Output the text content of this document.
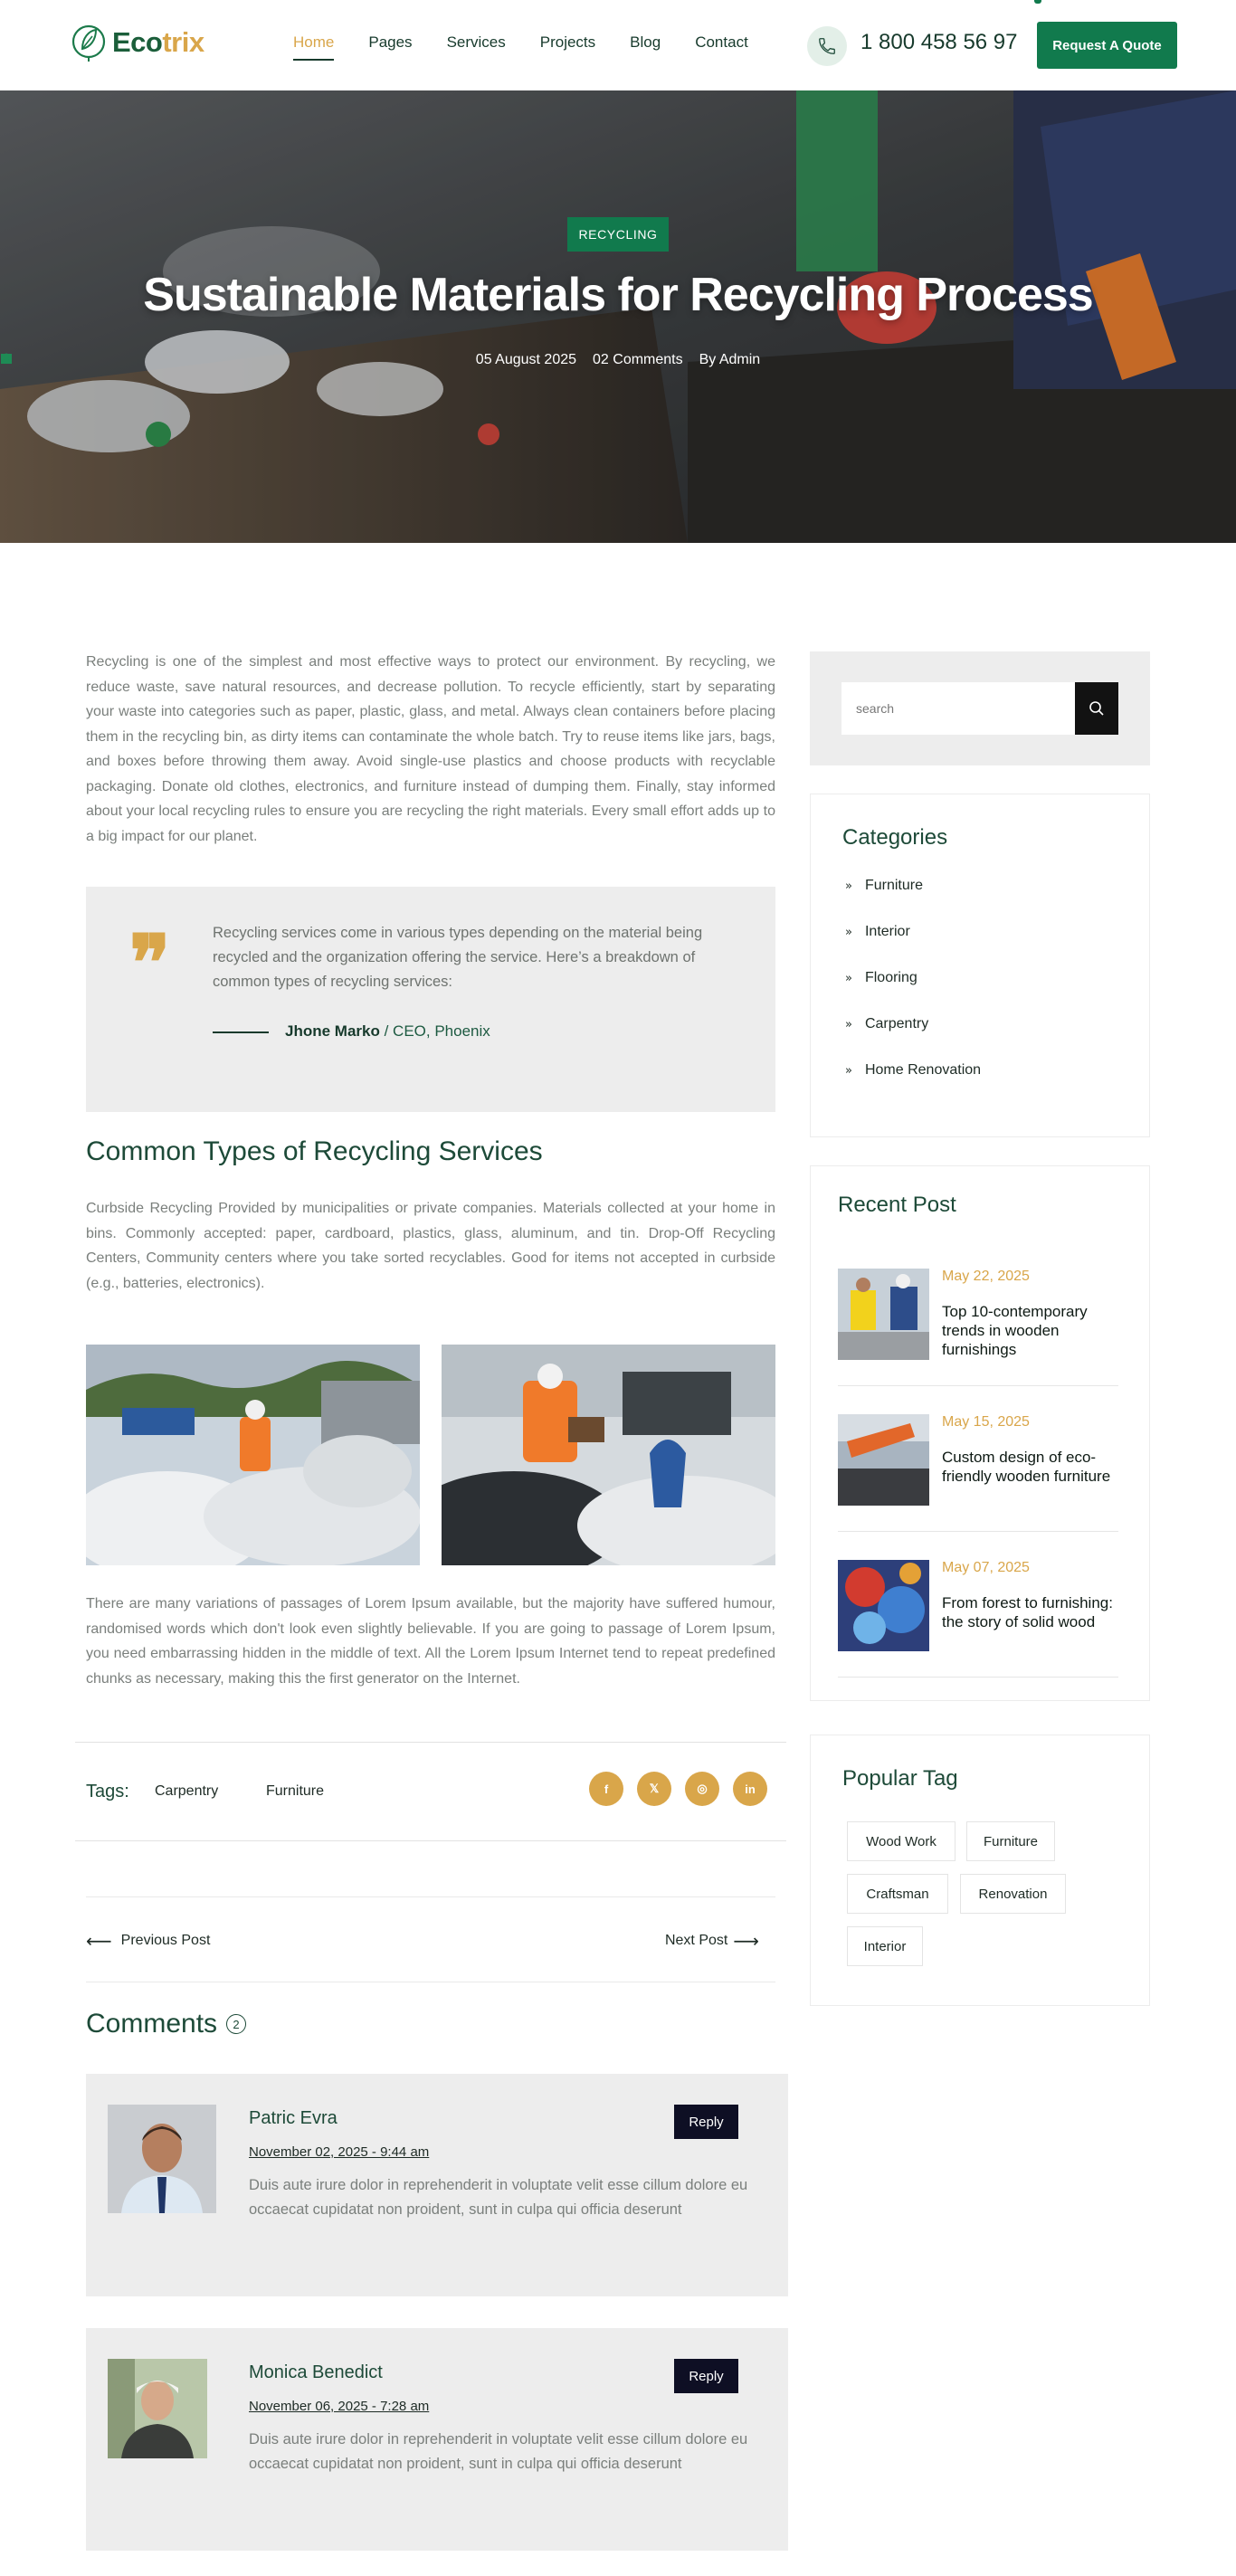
Ecotrix	Home Pages Services Projects Blog Contact	1 800 458 56 97	Request A Quote
RECYCLING
Sustainable Materials for Recycling Process
05 August 2025 02 Comments By Admin

Recycling is one of the simplest and most effective ways to protect our environment. By recycling, we reduce waste, save natural resources, and decrease pollution. To recycle efficiently, start by separating your waste into categories such as paper, plastic, glass, and metal. Always clean containers before placing them in the recycling bin, as dirty items can contaminate the whole batch. Try to reuse items like jars, bags, and boxes before throwing them away. Avoid single-use plastics and choose products with recyclable packaging. Donate old clothes, electronics, and furniture instead of dumping them. Finally, stay informed about your local recycling rules to ensure you are recycling the right materials. Every small effort adds up to a big impact for our planet.

❞	Recycling services come in various types depending on the material being recycled and the organization offering the service. Here’s a breakdown of common types of recycling services:

Jhone Marko / CEO, Phoenix
Common Types of Recycling Services

Curbside Recycling Provided by municipalities or private companies. Materials collected at your home in bins. Commonly accepted: paper, cardboard, plastics, glass, aluminum, and tin. Drop-Off Recycling Centers, Community centers where you take sorted recyclables. Good for items not accepted in curbside (e.g., batteries, electronics).

There are many variations of passages of Lorem Ipsum available, but the majority have suffered humour, randomised words which don't look even slightly believable. If you are going to passage of Lorem Ipsum, you need embarrassing hidden in the middle of text. All the Lorem Ipsum Internet tend to repeat predefined chunks as necessary, making this the first generator on the Internet.

Tags: Carpentry	Furniture	f	𝕏	◎	in
⟵ Previous Post	Next Post ⟶
Comments	2
Patric Evra
November 02, 2025 - 9:44 am

Duis aute irure dolor in reprehenderit in voluptate velit esse cillum dolore eu occaecat cupidatat non proident, sunt in culpa qui officia deserunt

Reply
Monica Benedict
November 06, 2025 - 7:28 am

Duis aute irure dolor in reprehenderit in voluptate velit esse cillum dolore eu occaecat cupidatat non proident, sunt in culpa qui officia deserunt

Reply
search
Categories
» Furniture
» Interior
» Flooring
» Carpentry
» Home Renovation
Recent Post
May 22, 2025
Top 10-contemporary trends in wooden furnishings
May 15, 2025
Custom design of eco-friendly wooden furniture
May 07, 2025
From forest to furnishing: the story of solid wood
Popular Tag
Wood Work	Furniture
Craftsman	Renovation
Interior
